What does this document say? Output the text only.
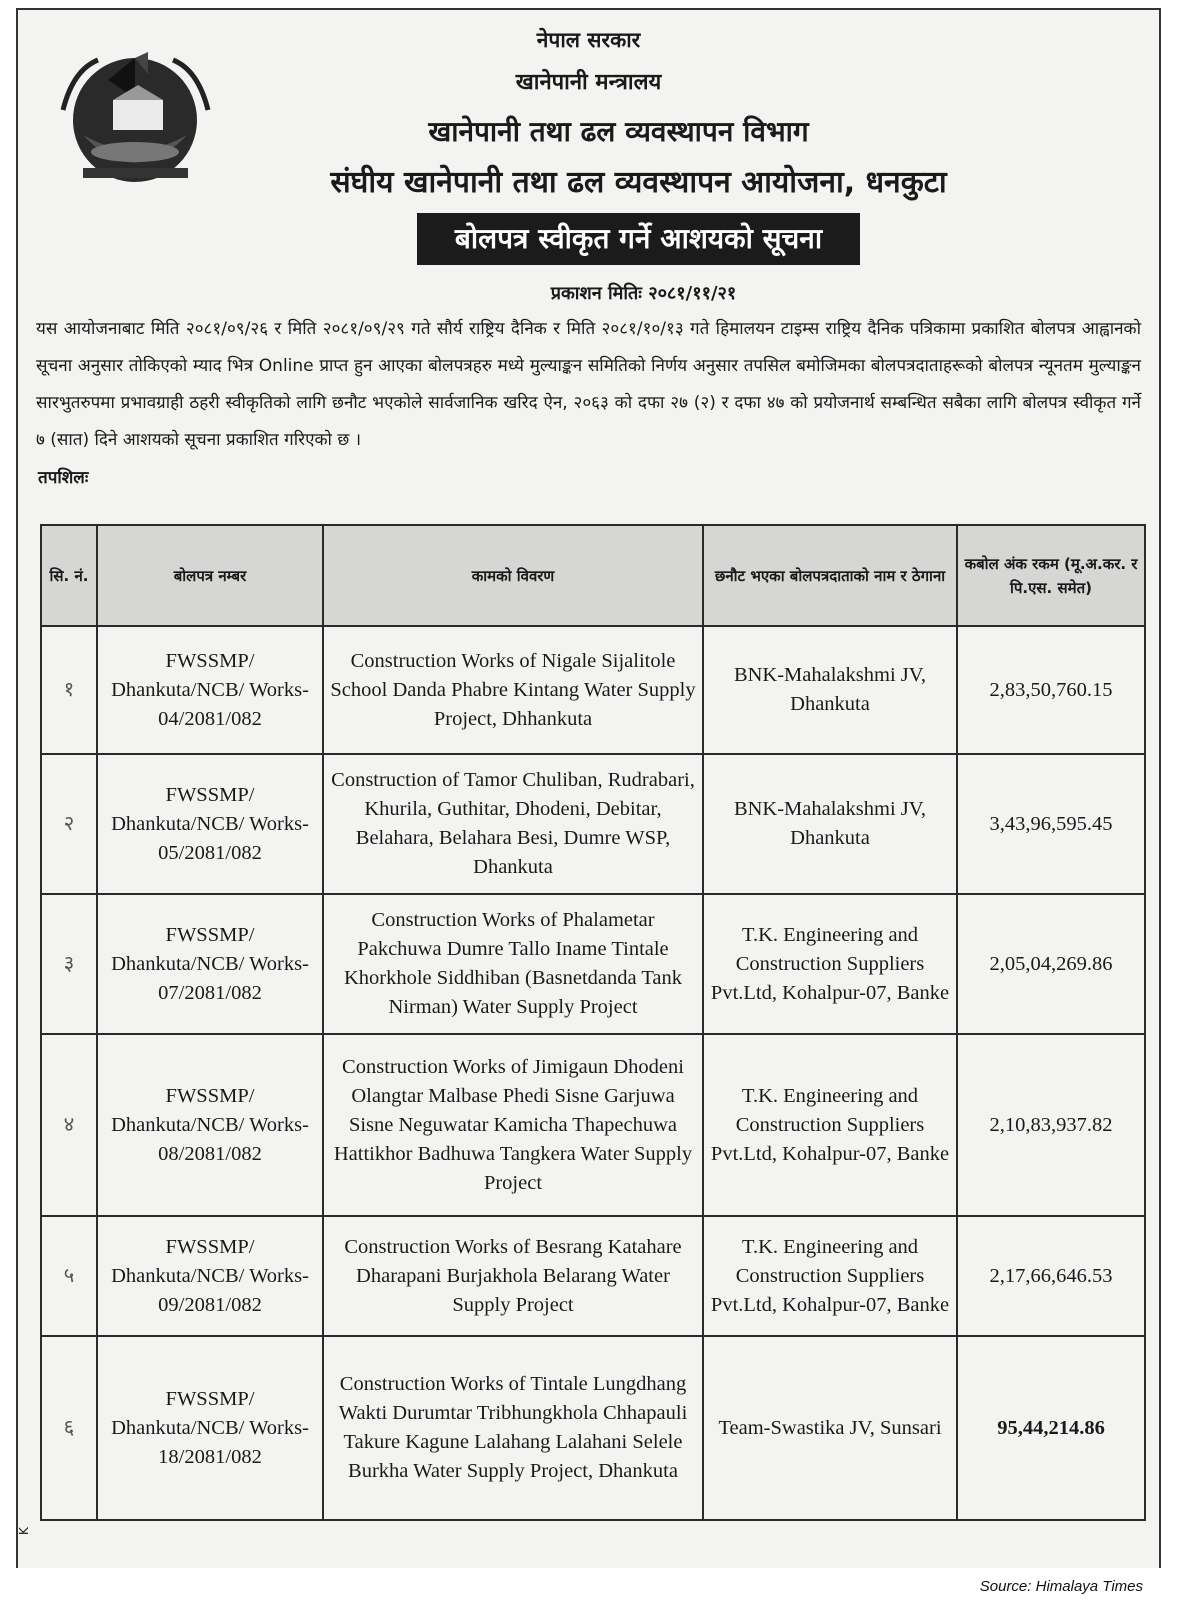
नेपाल सरकार
खानेपानी मन्त्रालय
खानेपानी तथा ढल व्यवस्थापन विभाग
संघीय खानेपानी तथा ढल व्यवस्थापन आयोजना, धनकुटा
बोलपत्र स्वीकृत गर्ने आशयको सूचना
प्रकाशन मितिः २०८१/११/२१
यस आयोजनाबाट मिति २०८१/०९/२६ र मिति २०८१/०९/२९ गते सौर्य राष्ट्रिय दैनिक र मिति २०८१/१०/१३ गते हिमालयन टाइम्स राष्ट्रिय दैनिक पत्रिकामा प्रकाशित बोलपत्र आह्वानको सूचना अनुसार तोकिएको म्याद भित्र Online प्राप्त हुन आएका बोलपत्रहरु मध्ये मुल्याङ्कन समितिको निर्णय अनुसार तपसिल बमोजिमका बोलपत्रदाताहरूको बोलपत्र न्यूनतम मुल्याङ्कन सारभुतरुपमा प्रभावग्राही ठहरी स्वीकृतिको लागि छनौट भएकोले सार्वजानिक खरिद ऐन, २०६३ को दफा २७ (२) र दफा ४७ को प्रयोजनार्थ सम्बन्धित सबैका लागि बोलपत्र स्वीकृत गर्ने ७ (सात) दिने आशयको सूचना प्रकाशित गरिएको छ ।
तपशिलः
सि. नं.	बोलपत्र नम्बर	कामको विवरण	छनौट भएका बोलपत्रदाताको नाम र ठेगाना	कबोल अंक रकम (मू.अ.कर. र पि.एस. समेत)
१	FWSSMP/ Dhankuta/NCB/ Works-04/2081/082	Construction Works of Nigale Sijalitole School Danda Phabre Kintang Water Supply Project, Dhhankuta	BNK-Mahalakshmi JV, Dhankuta	2,83,50,760.15
२	FWSSMP/ Dhankuta/NCB/ Works-05/2081/082	Construction of Tamor Chuliban, Rudrabari, Khurila, Guthitar, Dhodeni, Debitar, Belahara, Belahara Besi, Dumre WSP, Dhankuta	BNK-Mahalakshmi JV, Dhankuta	3,43,96,595.45
३	FWSSMP/ Dhankuta/NCB/ Works-07/2081/082	Construction Works of Phalametar Pakchuwa Dumre Tallo Iname Tintale Khorkhole Siddhiban (Basnetdanda Tank Nirman) Water Supply Project	T.K. Engineering and Construction Suppliers Pvt.Ltd, Kohalpur-07, Banke	2,05,04,269.86
४	FWSSMP/ Dhankuta/NCB/ Works-08/2081/082	Construction Works of Jimigaun Dhodeni Olangtar Malbase Phedi Sisne Garjuwa Sisne Neguwatar Kamicha Thapechuwa Hattikhor Badhuwa Tangkera Water Supply Project	T.K. Engineering and Construction Suppliers Pvt.Ltd, Kohalpur-07, Banke	2,10,83,937.82
५	FWSSMP/ Dhankuta/NCB/ Works-09/2081/082	Construction Works of Besrang Katahare Dharapani Burjakhola Belarang Water Supply Project	T.K. Engineering and Construction Suppliers Pvt.Ltd, Kohalpur-07, Banke	2,17,66,646.53
६	FWSSMP/ Dhankuta/NCB/ Works-18/2081/082	Construction Works of Tintale Lungdhang Wakti Durumtar Tribhungkhola Chhapauli Takure Kagune Lalahang Lalahani Selele Burkha Water Supply Project, Dhankuta	Team-Swastika JV, Sunsari	95,44,214.86
K
Source: Himalaya Times
